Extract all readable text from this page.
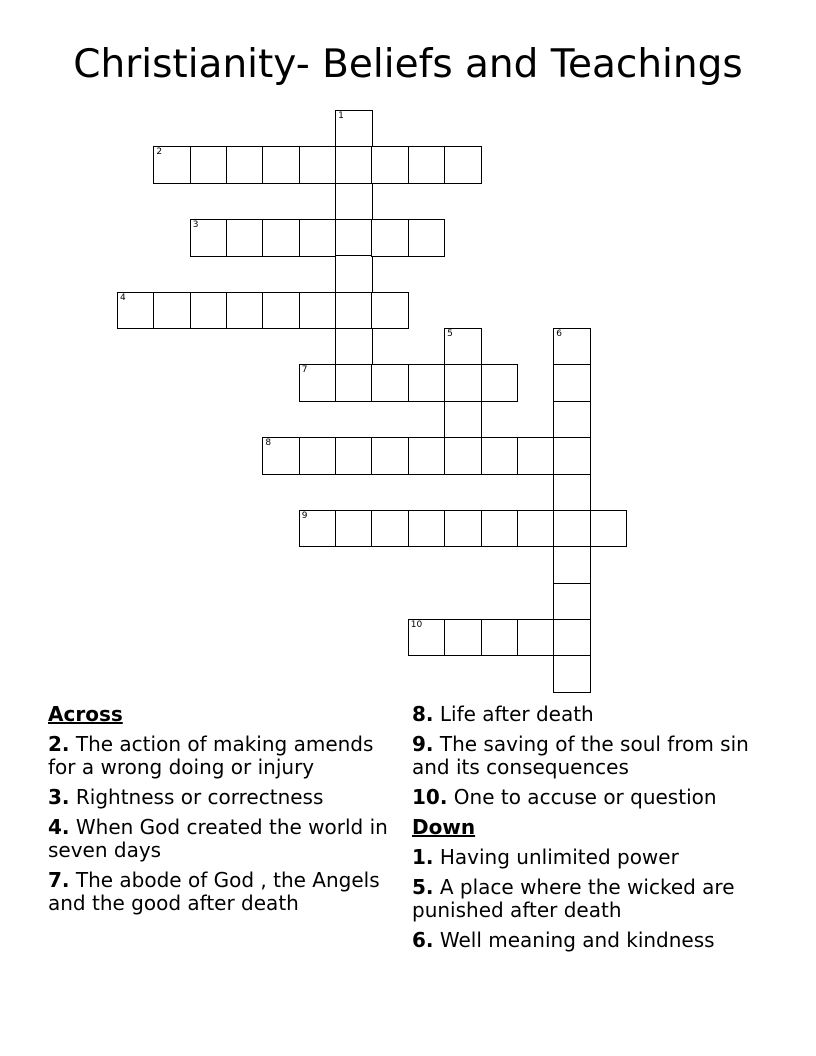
Christianity- Beliefs and Teachings
1
2
3
4
5	6
7
8
9
10
Across
2. The action of making amends for a wrong doing or injury
3. Rightness or correctness
4. When God created the world in seven days
7. The abode of God , the Angels and the good after death
8. Life after death
9. The saving of the soul from sin and its consequences
10. One to accuse or question
Down
1. Having unlimited power
5. A place where the wicked are punished after death
6. Well meaning and kindness
